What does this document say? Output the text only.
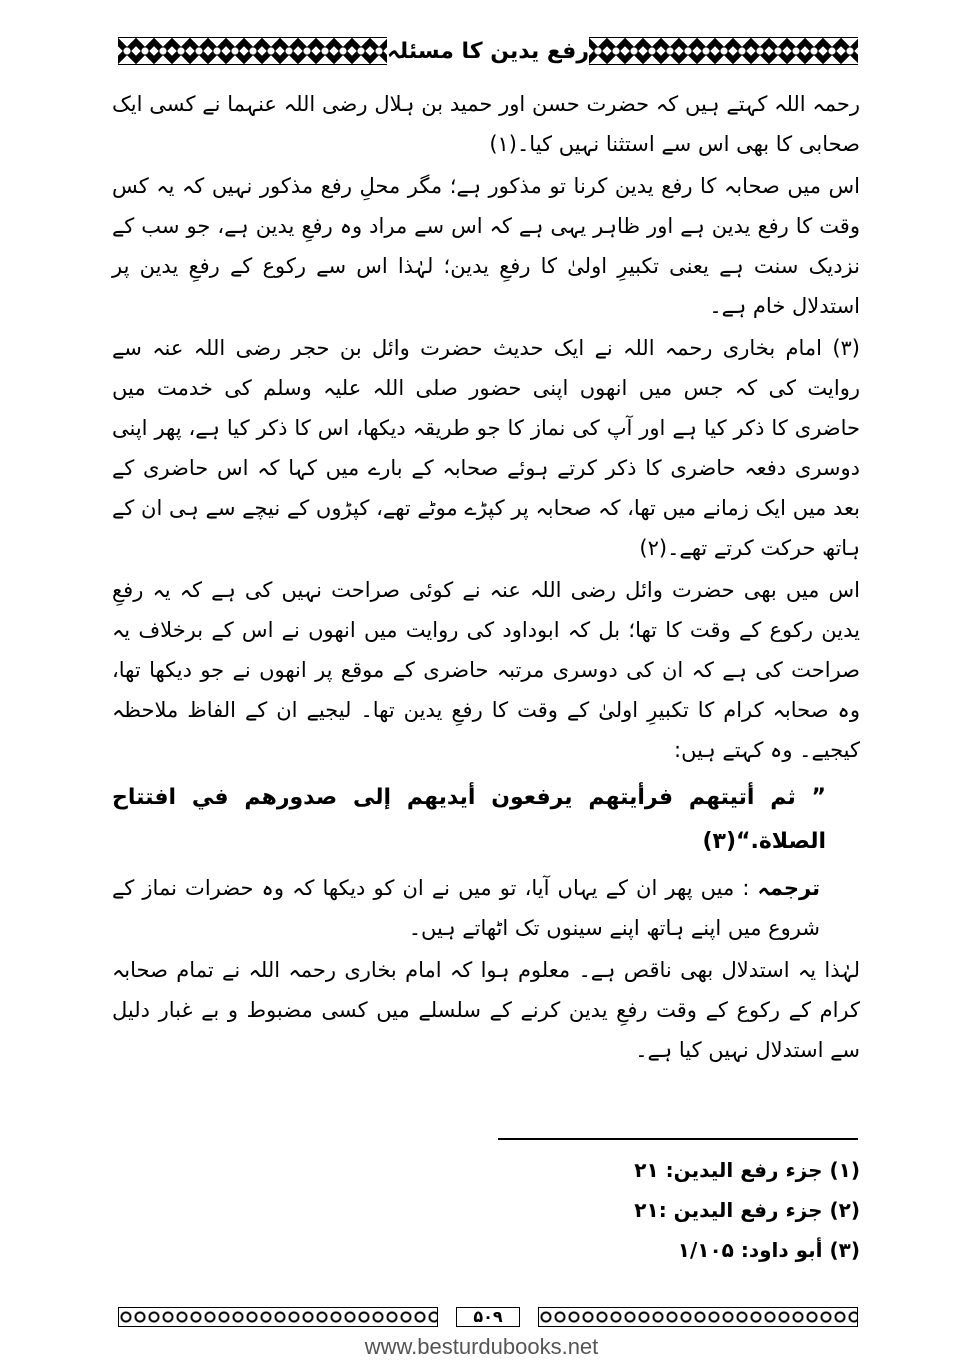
رفع یدین کا مسئلہ

رحمہ اللہ کہتے ہیں کہ حضرت حسن اور حمید بن ہلال رضی اللہ عنہما نے کسی ایک صحابی کا بھی اس سے استثنا نہیں کیا۔(۱)

اس میں صحابہ کا رفع یدین کرنا تو مذکور ہے؛ مگر محلِ رفع مذکور نہیں کہ یہ کس وقت کا رفع یدین ہے اور ظاہر یہی ہے کہ اس سے مراد وہ رفعِ یدین ہے، جو سب کے نزدیک سنت ہے یعنی تکبیرِ اولیٰ کا رفعِ یدین؛ لہٰذا اس سے رکوع کے رفعِ یدین پر استدلال خام ہے۔

(۳) امام بخاری رحمہ اللہ نے ایک حدیث حضرت وائل بن حجر رضی اللہ عنہ سے روایت کی کہ جس میں انھوں اپنی حضور صلی اللہ علیہ وسلم کی خدمت میں حاضری کا ذکر کیا ہے اور آپ کی نماز کا جو طریقہ دیکھا، اس کا ذکر کیا ہے، پھر اپنی دوسری دفعہ حاضری کا ذکر کرتے ہوئے صحابہ کے بارے میں کہا کہ اس حاضری کے بعد میں ایک زمانے میں تھا، کہ صحابہ پر کپڑے موٹے تھے، کپڑوں کے نیچے سے ہی ان کے ہاتھ حرکت کرتے تھے۔(۲)

اس میں بھی حضرت وائل رضی اللہ عنہ نے کوئی صراحت نہیں کی ہے کہ یہ رفعِ یدین رکوع کے وقت کا تھا؛ بل کہ ابوداود کی روایت میں انھوں نے اس کے برخلاف یہ صراحت کی ہے کہ ان کی دوسری مرتبہ حاضری کے موقع پر انھوں نے جو دیکھا تھا، وہ صحابہ کرام کا تکبیرِ اولیٰ کے وقت کا رفعِ یدین تھا۔ لیجیے ان کے الفاظ ملاحظہ کیجیے۔ وہ کہتے ہیں:

” ثم أتيتهم فرأيتهم يرفعون أيديهم إلى صدورهم في افتتاح الصلاة.“(۳)

ترجمہ : میں پھر ان کے یہاں آیا، تو میں نے ان کو دیکھا کہ وہ حضرات نماز کے شروع میں اپنے ہاتھ اپنے سینوں تک اٹھاتے ہیں۔

لہٰذا یہ استدلال بھی ناقص ہے۔ معلوم ہوا کہ امام بخاری رحمہ اللہ نے تمام صحابہ کرام کے رکوع کے وقت رفعِ یدین کرنے کے سلسلے میں کسی مضبوط و بے غبار دلیل سے استدلال نہیں کیا ہے۔

(۱) جزء رفع اليدين: ۲۱
(۲) جزء رفع اليدين :۲۱
(۳) أبو داود: ۱/۱۰۵
۵۰۹
www.besturdubooks.net
